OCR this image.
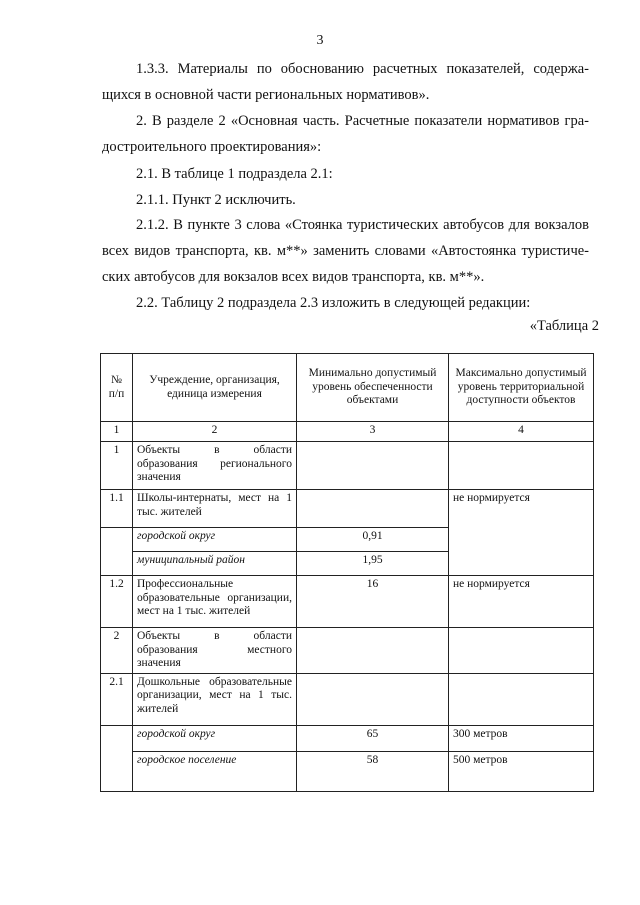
3
1.3.3. Материалы по обоснованию расчетных показателей, содержа-
щихся в основной части региональных нормативов».
2. В разделе 2 «Основная часть. Расчетные показатели нормативов гра-
достроительного проектирования»:
2.1. В таблице 1 подраздела 2.1:
2.1.1. Пункт 2 исключить.
2.1.2. В пункте 3 слова «Стоянка туристических автобусов для вокзалов
всех видов транспорта, кв. м**» заменить словами «Автостоянка туристиче-
ских автобусов для вокзалов всех видов транспорта, кв. м**».
2.2. Таблицу 2 подраздела 2.3 изложить в следующей редакции:
«Таблица 2
№ п/п	Учреждение, организация, единица измерения	Минимально допустимый уровень обеспеченности объектами	Максимально допустимый уровень территориальной доступности объектов
1	2	3	4
1	Объекты в области образования регионального значения		
1.1	Школы-интернаты, мест на 1 тыс. жителей		не нормируется
	городской округ	0,91	
	муниципальный район	1,95	
1.2	Профессиональные образовательные организации, мест на 1 тыс. жителей	16	не нормируется
2	Объекты в области образования местного значения		
2.1	Дошкольные образовательные организации, мест на 1 тыс. жителей		
	городской округ	65	300 метров
	городское поселение	58	500 метров
